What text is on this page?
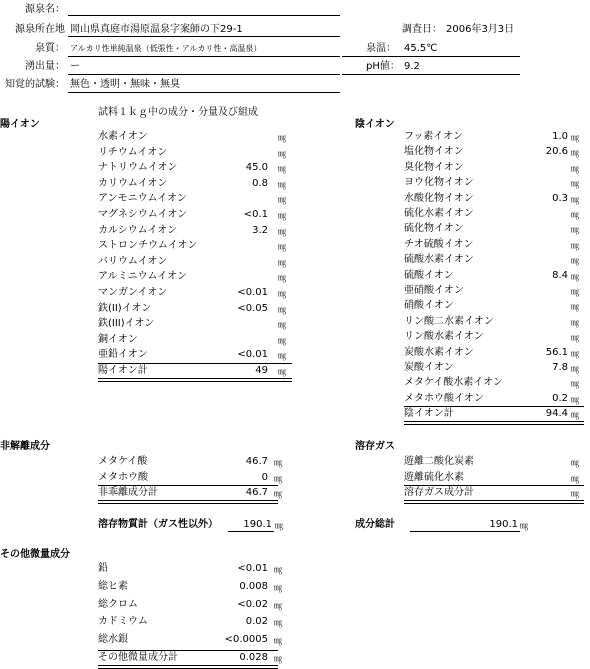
源泉名：
源泉所在地 岡山県真庭市湯原温泉字案師の下29-1	調査日： 2006年3月3日
泉質： アルカリ性単純温泉（低張性・アルカリ性・高温泉）	泉温： 45.5℃
湧出量： ー	pH値： 9.2
知覚的試験： 無色・透明・無味・無臭
試料１ｋｇ中の成分・分量及び組成
陽イオン	陰イオン
非解離成分	溶存ガス
溶存物質計（ガス性以外）	190.1 ㎎	成分総計	190.1 ㎎
その他微量成分
水素イオン	㎎
リチウムイオン	㎎
ナトリウムイオン	45.0 ㎎
カリウムイオン	0.8 ㎎
アンモニウムイオン	㎎
マグネシウムイオン	<0.1 ㎎
カルシウムイオン	3.2 ㎎
ストロンチウムイオン	㎎
バリウムイオン	㎎
アルミニウムイオン	㎎
マンガンイオン	<0.01 ㎎
鉄(II)イオン	<0.05 ㎎
鉄(III)イオン	㎎
銅イオン	㎎
亜鉛イオン	<0.01 ㎎
陽イオン計	49 ㎎
フッ素イオン	1.0 ㎎
塩化物イオン	20.6 ㎎
臭化物イオン	㎎
ヨウ化物イオン	㎎
水酸化物イオン	0.3 ㎎
硫化水素イオン	㎎
硫化物イオン	㎎
チオ硫酸イオン	㎎
硫酸水素イオン	㎎
硫酸イオン	8.4 ㎎
亜硝酸イオン	㎎
硝酸イオン	㎎
リン酸二水素イオン	㎎
リン酸水素イオン	㎎
炭酸水素イオン	56.1 ㎎
炭酸イオン	7.8 ㎎
メタケイ酸水素イオン	㎎
メタホウ酸イオン	0.2 ㎎
陰イオン計	94.4 ㎎
メタケイ酸	46.7 ㎎
メタホウ酸	0 ㎎
非乖離成分計	46.7 ㎎
遊離二酸化炭素	㎎
遊離硫化水素	㎎
溶存ガス成分計	㎎
鉛	<0.01 ㎎
総ヒ素	0.008 ㎎
総クロム	<0.02 ㎎
カドミウム	0.02 ㎎
総水銀	<0.0005 ㎎
その他微量成分計	0.028 ㎎
